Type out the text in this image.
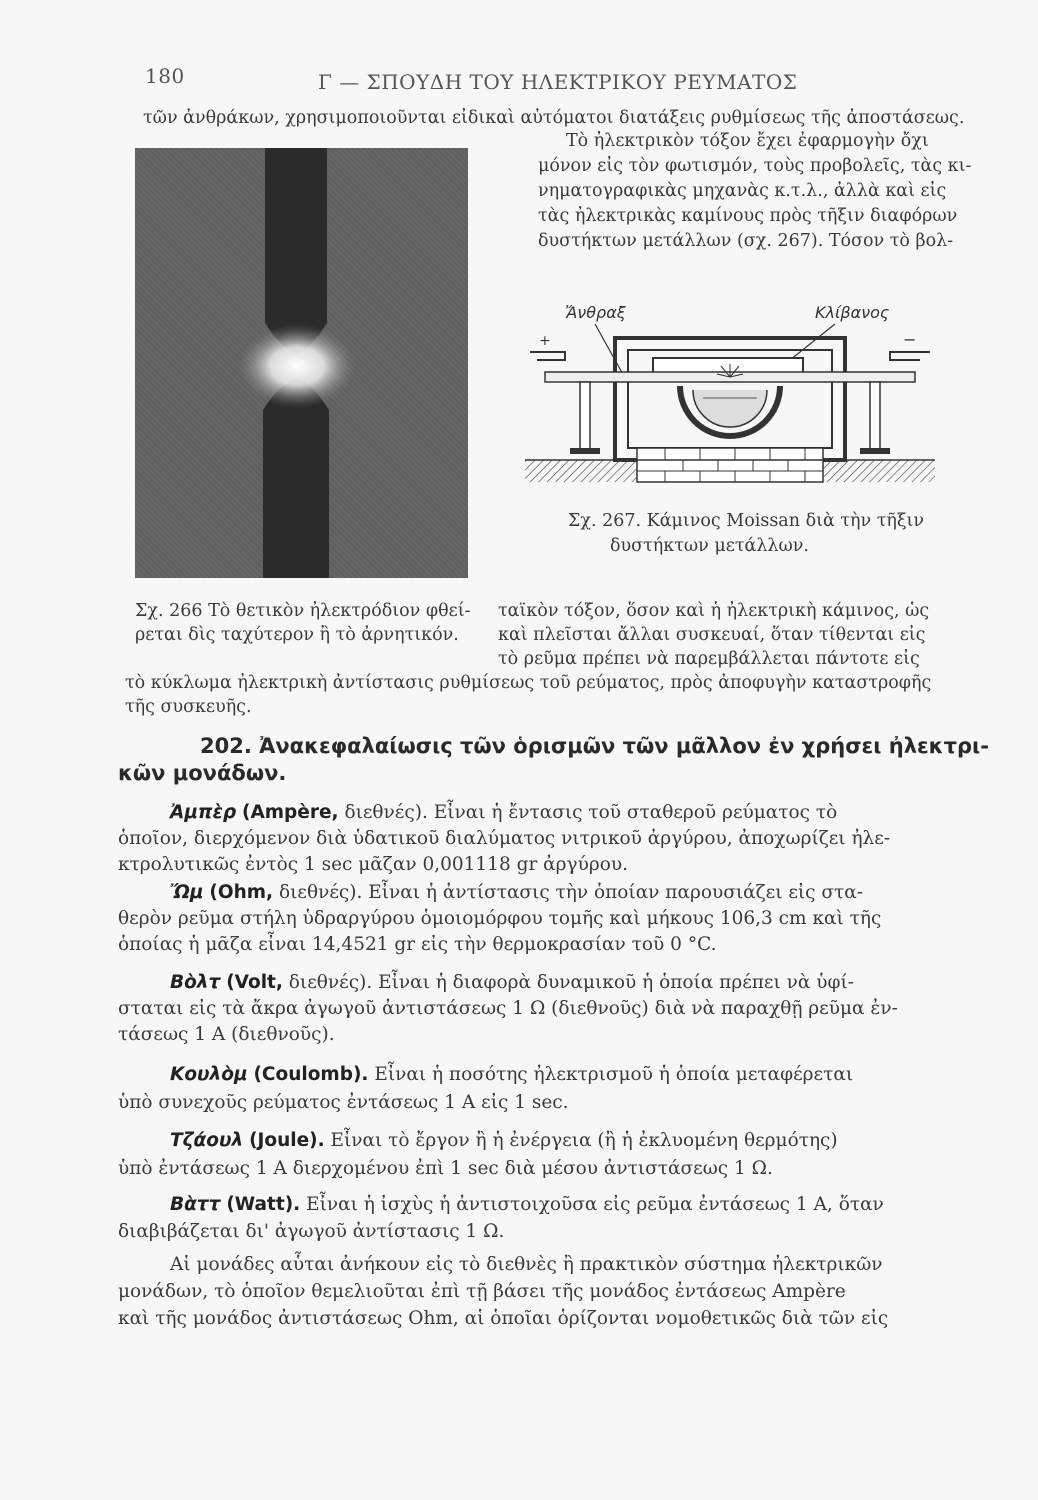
180	Γ — ΣΠΟΥΔΗ ΤΟΥ ΗΛΕΚΤΡΙΚΟΥ ΡΕΥΜΑΤΟΣ
τῶν ἀνθράκων, χρησιμοποιοῦνται εἰδικαὶ αὐτόματοι διατάξεις ρυθμίσεως τῆς ἀποστάσεως.
Τὸ ἠλεκτρικὸν τόξον ἔχει ἐφαρμογὴν ὄχι
μόνον εἰς τὸν φωτισμόν, τοὺς προβολεῖς, τὰς κι-
νηματογραφικὰς μηχανὰς κ.τ.λ., ἀλλὰ καὶ εἰς
τὰς ἠλεκτρικὰς καμίνους πρὸς τῆξιν διαφόρων
δυστήκτων μετάλλων (σχ. 267). Τόσον τὸ βολ-
Ἄνθραξ	Κλίβανος
+	−
Σχ. 267. Κάμινος Moissan διὰ τὴν τῆξιν
δυστήκτων μετάλλων.
Σχ. 266 Τὸ θετικὸν ἠλεκτρόδιον φθεί-
ρεται δὶς ταχύτερον ἢ τὸ ἀρνητικόν.
ταϊκὸν τόξον, ὅσον καὶ ἡ ἠλεκτρικὴ κάμινος, ὡς
καὶ πλεῖσται ἄλλαι συσκευαί, ὅταν τίθενται εἰς
τὸ ρεῦμα πρέπει νὰ παρεμβάλλεται πάντοτε εἰς
τὸ κύκλωμα ἠλεκτρικὴ ἀντίστασις ρυθμίσεως τοῦ ρεύματος, πρὸς ἀποφυγὴν καταστροφῆς
τῆς συσκευῆς.
202. Ἀνακεφαλαίωσις τῶν ὁρισμῶν τῶν μᾶλλον ἐν χρήσει ἠλεκτρι-
κῶν μονάδων.
Ἀμπὲρ (Ampère, διεθνές). Εἶναι ἡ ἔντασις τοῦ σταθεροῦ ρεύματος τὸ
ὁποῖον, διερχόμενον διὰ ὑδατικοῦ διαλύματος νιτρικοῦ ἀργύρου, ἀποχωρίζει ἠλε-
κτρολυτικῶς ἐντὸς 1 sec μᾶζαν 0,001118 gr ἀργύρου.
Ὤμ (Ohm, διεθνές). Εἶναι ἡ ἀντίστασις τὴν ὁποίαν παρουσιάζει εἰς στα-
θερὸν ρεῦμα στήλη ὑδραργύρου ὁμοιομόρφου τομῆς καὶ μήκους 106,3 cm καὶ τῆς
ὁποίας ἡ μᾶζα εἶναι 14,4521 gr εἰς τὴν θερμοκρασίαν τοῦ 0 °C.
Βὸλτ (Volt, διεθνές). Εἶναι ἡ διαφορὰ δυναμικοῦ ἡ ὁποία πρέπει νὰ ὑφί-
σταται εἰς τὰ ἄκρα ἀγωγοῦ ἀντιστάσεως 1 Ω (διεθνοῦς) διὰ νὰ παραχθῇ ρεῦμα ἐν-
τάσεως 1 A (διεθνοῦς).
Κουλὸμ (Coulomb). Εἶναι ἡ ποσότης ἠλεκτρισμοῦ ἡ ὁποία μεταφέρεται
ὑπὸ συνεχοῦς ρεύματος ἐντάσεως 1 A εἰς 1 sec.
Τζάουλ (Joule). Εἶναι τὸ ἔργον ἢ ἡ ἐνέργεια (ἢ ἡ ἐκλυομένη θερμότης)
ὑπὸ ἐντάσεως 1 A διερχομένου ἐπὶ 1 sec διὰ μέσου ἀντιστάσεως 1 Ω.
Βὰττ (Watt). Εἶναι ἡ ἰσχὺς ἡ ἀντιστοιχοῦσα εἰς ρεῦμα ἐντάσεως 1 A, ὅταν
διαβιβάζεται δι' ἀγωγοῦ ἀντίστασις 1 Ω.
Αἱ μονάδες αὗται ἀνήκουν εἰς τὸ διεθνὲς ἢ πρακτικὸν σύστημα ἠλεκτρικῶν
μονάδων, τὸ ὁποῖον θεμελιοῦται ἐπὶ τῇ βάσει τῆς μονάδος ἐντάσεως Ampère
καὶ τῆς μονάδος ἀντιστάσεως Ohm, αἱ ὁποῖαι ὁρίζονται νομοθετικῶς διὰ τῶν εἰς
